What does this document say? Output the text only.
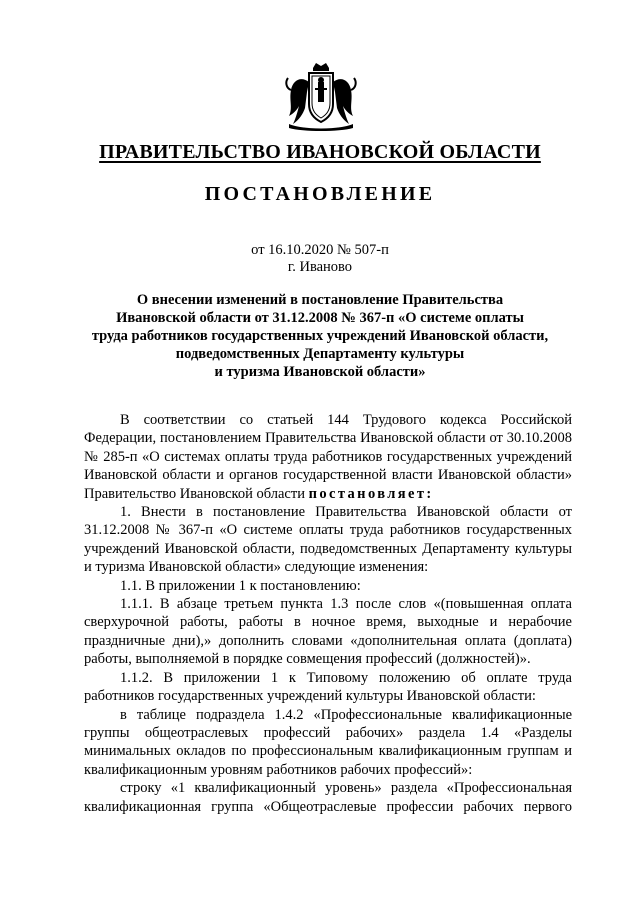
ПРАВИТЕЛЬСТВО ИВАНОВСКОЙ ОБЛАСТИ
ПОСТАНОВЛЕНИЕ
от 16.10.2020 № 507-п
г. Иваново
О внесении изменений в постановление Правительства
Ивановской области от 31.12.2008 № 367-п «О системе оплаты
труда работников государственных учреждений Ивановской области,
подведомственных Департаменту культуры
и туризма Ивановской области»

В соответствии со статьей 144 Трудового кодекса Российской Федерации, постановлением Правительства Ивановской области от 30.10.2008 № 285-п «О системах оплаты труда работников государственных учреждений Ивановской области и органов государственной власти Ивановской области» Правительство Ивановской области постановляет:

1. Внести в постановление Правительства Ивановской области от 31.12.2008 № 367-п «О системе оплаты труда работников государственных учреждений Ивановской области, подведомственных Департаменту культуры и туризма Ивановской области» следующие изменения:

1.1. В приложении 1 к постановлению:

1.1.1. В абзаце третьем пункта 1.3 после слов «(повышенная оплата сверхурочной работы, работы в ночное время, выходные и нерабочие праздничные дни),» дополнить словами «дополнительная оплата (доплата) работы, выполняемой в порядке совмещения профессий (должностей)».

1.1.2. В приложении 1 к Типовому положению об оплате труда работников государственных учреждений культуры Ивановской области:

в таблице подраздела 1.4.2 «Профессиональные квалификационные группы общеотраслевых профессий рабочих» раздела 1.4 «Разделы минимальных окладов по профессиональным квалификационным группам и квалификационным уровням работников рабочих профессий»:

строку «1 квалификационный уровень» раздела «Профессиональная квалификационная группа «Общеотраслевые профессии рабочих первого
